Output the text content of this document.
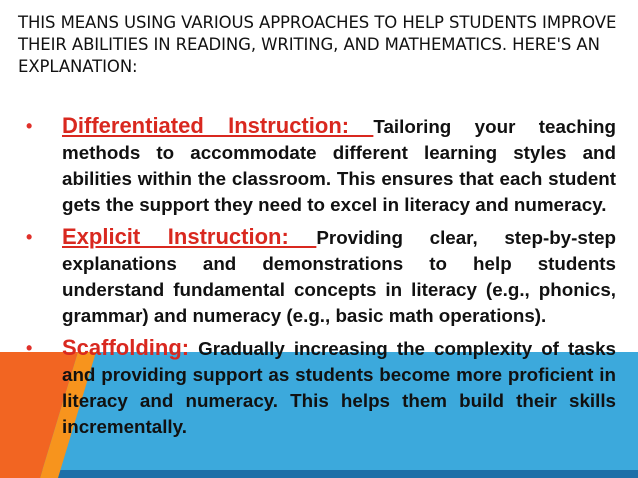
THIS MEANS USING VARIOUS APPROACHES TO HELP STUDENTS IMPROVE THEIR ABILITIES IN READING, WRITING, AND MATHEMATICS. HERE'S AN EXPLANATION:
• Differentiated Instruction: Tailoring your teaching methods to accommodate different learning styles and abilities within the classroom. This ensures that each student gets the support they need to excel in literacy and numeracy.
• Explicit Instruction: Providing clear, step-by-step explanations and demonstrations to help students understand fundamental concepts in literacy (e.g., phonics, grammar) and numeracy (e.g., basic math operations).
• Scaffolding: Gradually increasing the complexity of tasks and providing support as students become more proficient in literacy and numeracy. This helps them build their skills incrementally.
